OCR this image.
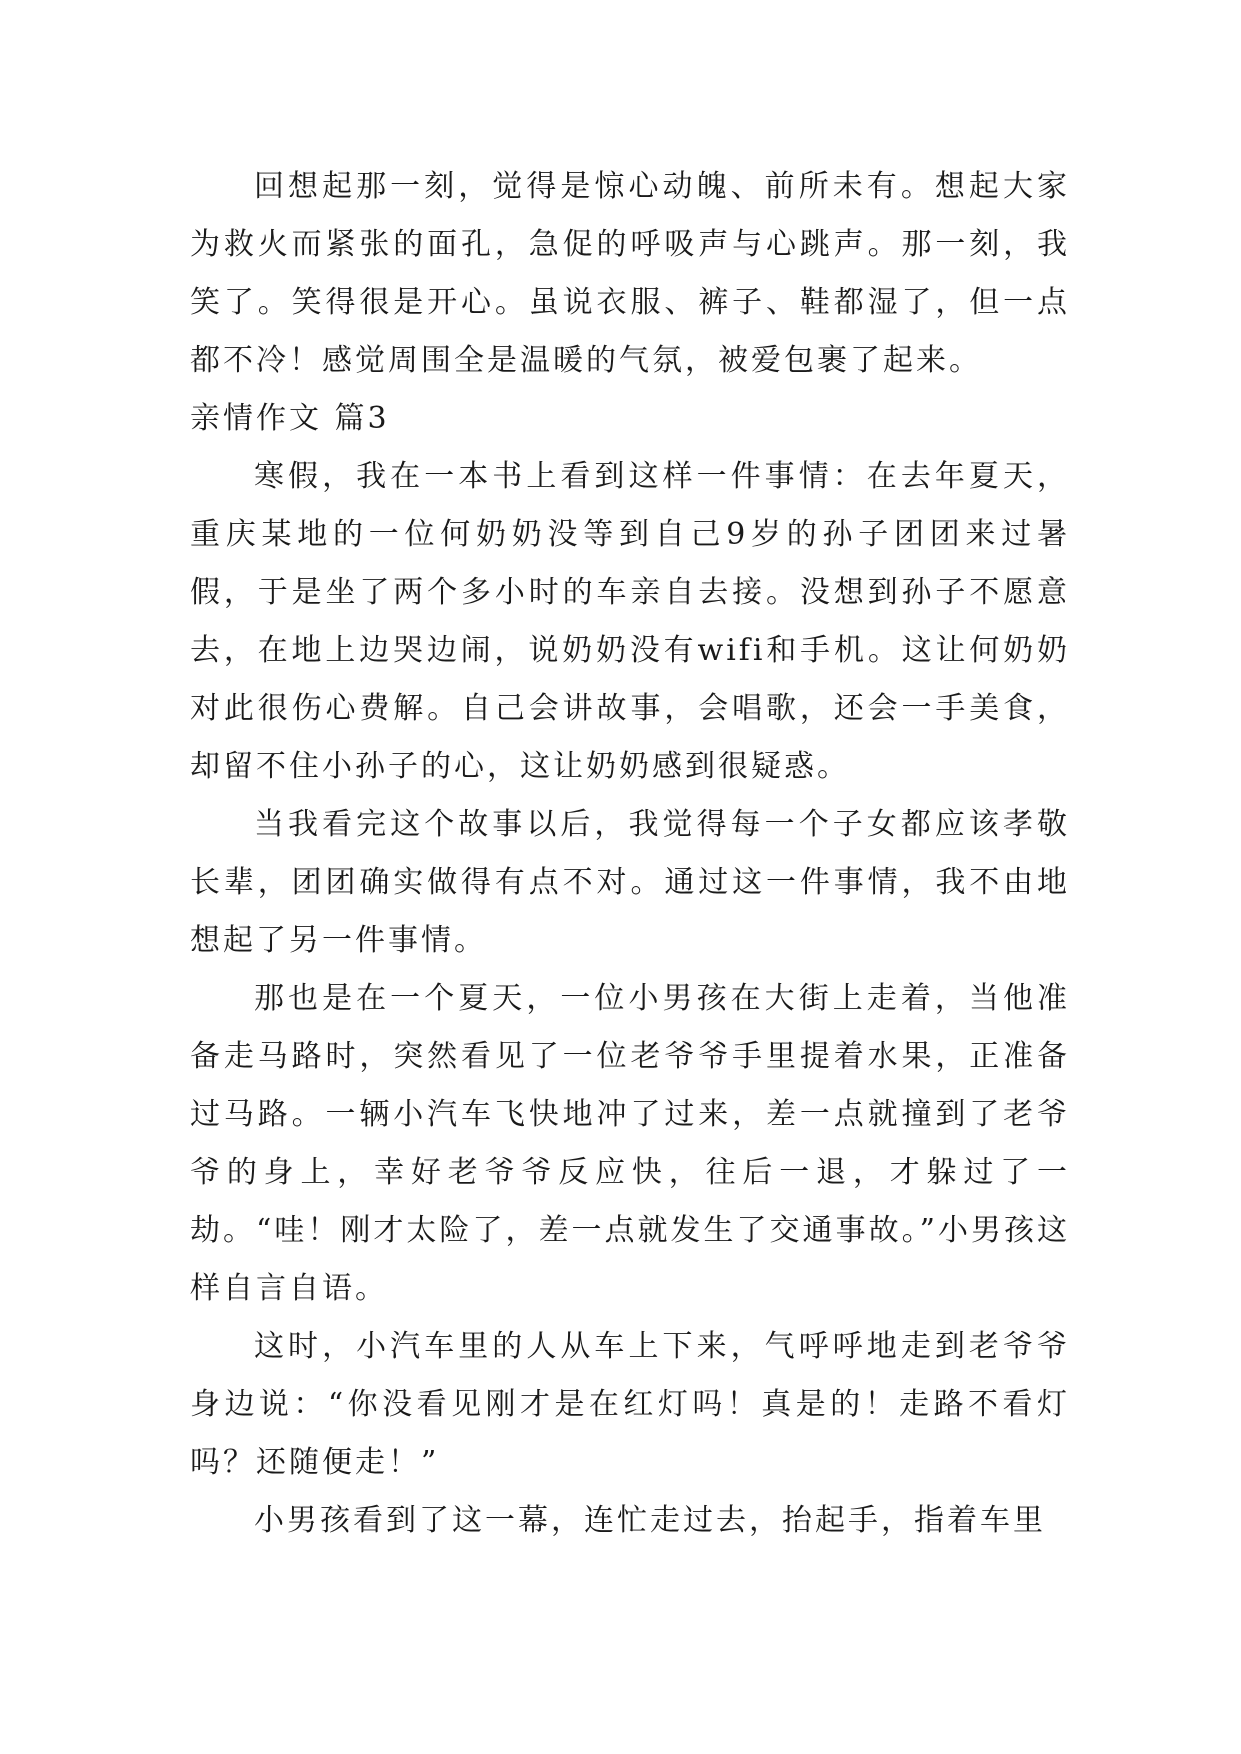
回想起那一刻，觉得是惊心动魄、前所未有。想起大家为救火而紧张的面孔，急促的呼吸声与心跳声。那一刻，我笑了。笑得很是开心。虽说衣服、裤子、鞋都湿了，但一点都不冷！感觉周围全是温暖的气氛，被爱包裹了起来。

亲情作文 篇3

寒假，我在一本书上看到这样一件事情：在去年夏天，重庆某地的一位何奶奶没等到自己9岁的孙子团团来过暑假，于是坐了两个多小时的车亲自去接。没想到孙子不愿意去，在地上边哭边闹，说奶奶没有wifi和手机。这让何奶奶对此很伤心费解。自己会讲故事，会唱歌，还会一手美食，却留不住小孙子的心，这让奶奶感到很疑惑。

当我看完这个故事以后，我觉得每一个子女都应该孝敬长辈，团团确实做得有点不对。通过这一件事情，我不由地想起了另一件事情。

那也是在一个夏天，一位小男孩在大街上走着，当他准备走马路时，突然看见了一位老爷爷手里提着水果，正准备过马路。一辆小汽车飞快地冲了过来，差一点就撞到了老爷爷的身上，幸好老爷爷反应快，往后一退，才躲过了一劫。“哇！刚才太险了，差一点就发生了交通事故。”小男孩这样自言自语。

这时，小汽车里的人从车上下来，气呼呼地走到老爷爷身边说：“你没看见刚才是在红灯吗！真是的！走路不看灯吗？还随便走！”

小男孩看到了这一幕，连忙走过去，抬起手，指着车里
